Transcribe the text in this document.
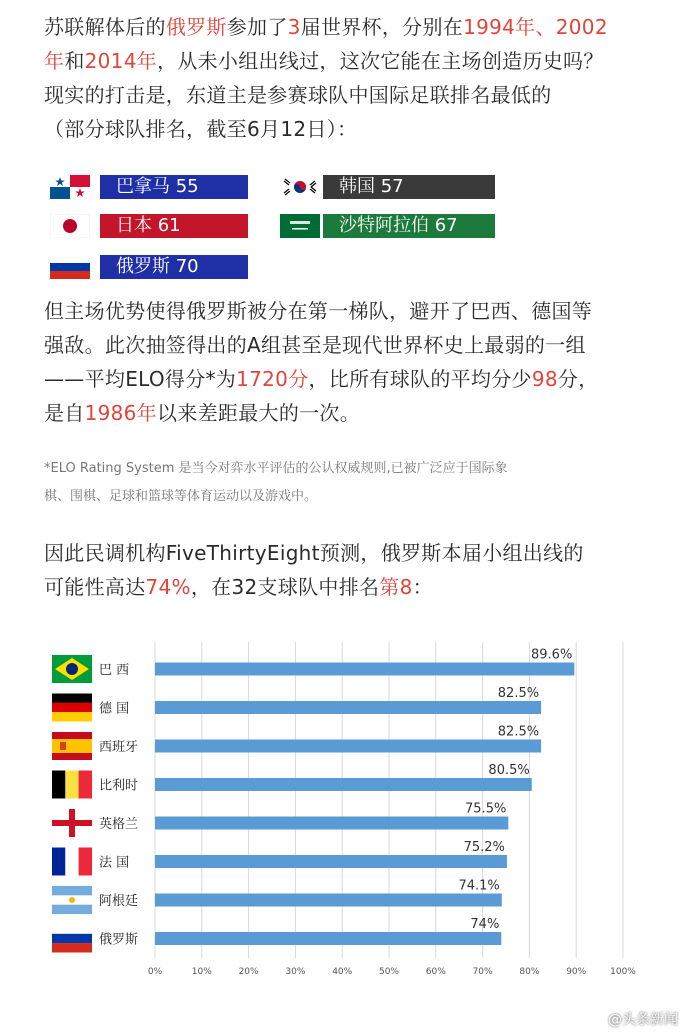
苏联解体后的俄罗斯参加了3届世界杯，分别在1994年、2002
年和2014年，从未小组出线过，这次它能在主场创造历史吗？
现实的打击是，东道主是参赛球队中国际足联排名最低的
（部分球队排名，截至6月12日）：
巴拿马 55	韩国 57
日本 61	沙特阿拉伯 67
俄罗斯 70
但主场优势使得俄罗斯被分在第一梯队，避开了巴西、德国等
强敌。此次抽签得出的A组甚至是现代世界杯史上最弱的一组
——平均ELO得分*为1720分，比所有球队的平均分少98分，
是自1986年以来差距最大的一次。
*ELO Rating System 是当今对弈水平评估的公认权威规则,已被广泛应于国际象
棋、围棋、足球和篮球等体育运动以及游戏中。
因此民调机构FiveThirtyEight预测，俄罗斯本届小组出线的
可能性高达74%，在32支球队中排名第8：
0%	10%	20%	30%	40%	50%	60%	70%	80%	90%	100%
巴 西
89.6%
德 国
82.5%
西班牙
82.5%
比利时
80.5%
英格兰
75.5%
法 国
75.2%
阿根廷
74.1%
俄罗斯
74%
@头条新闻
